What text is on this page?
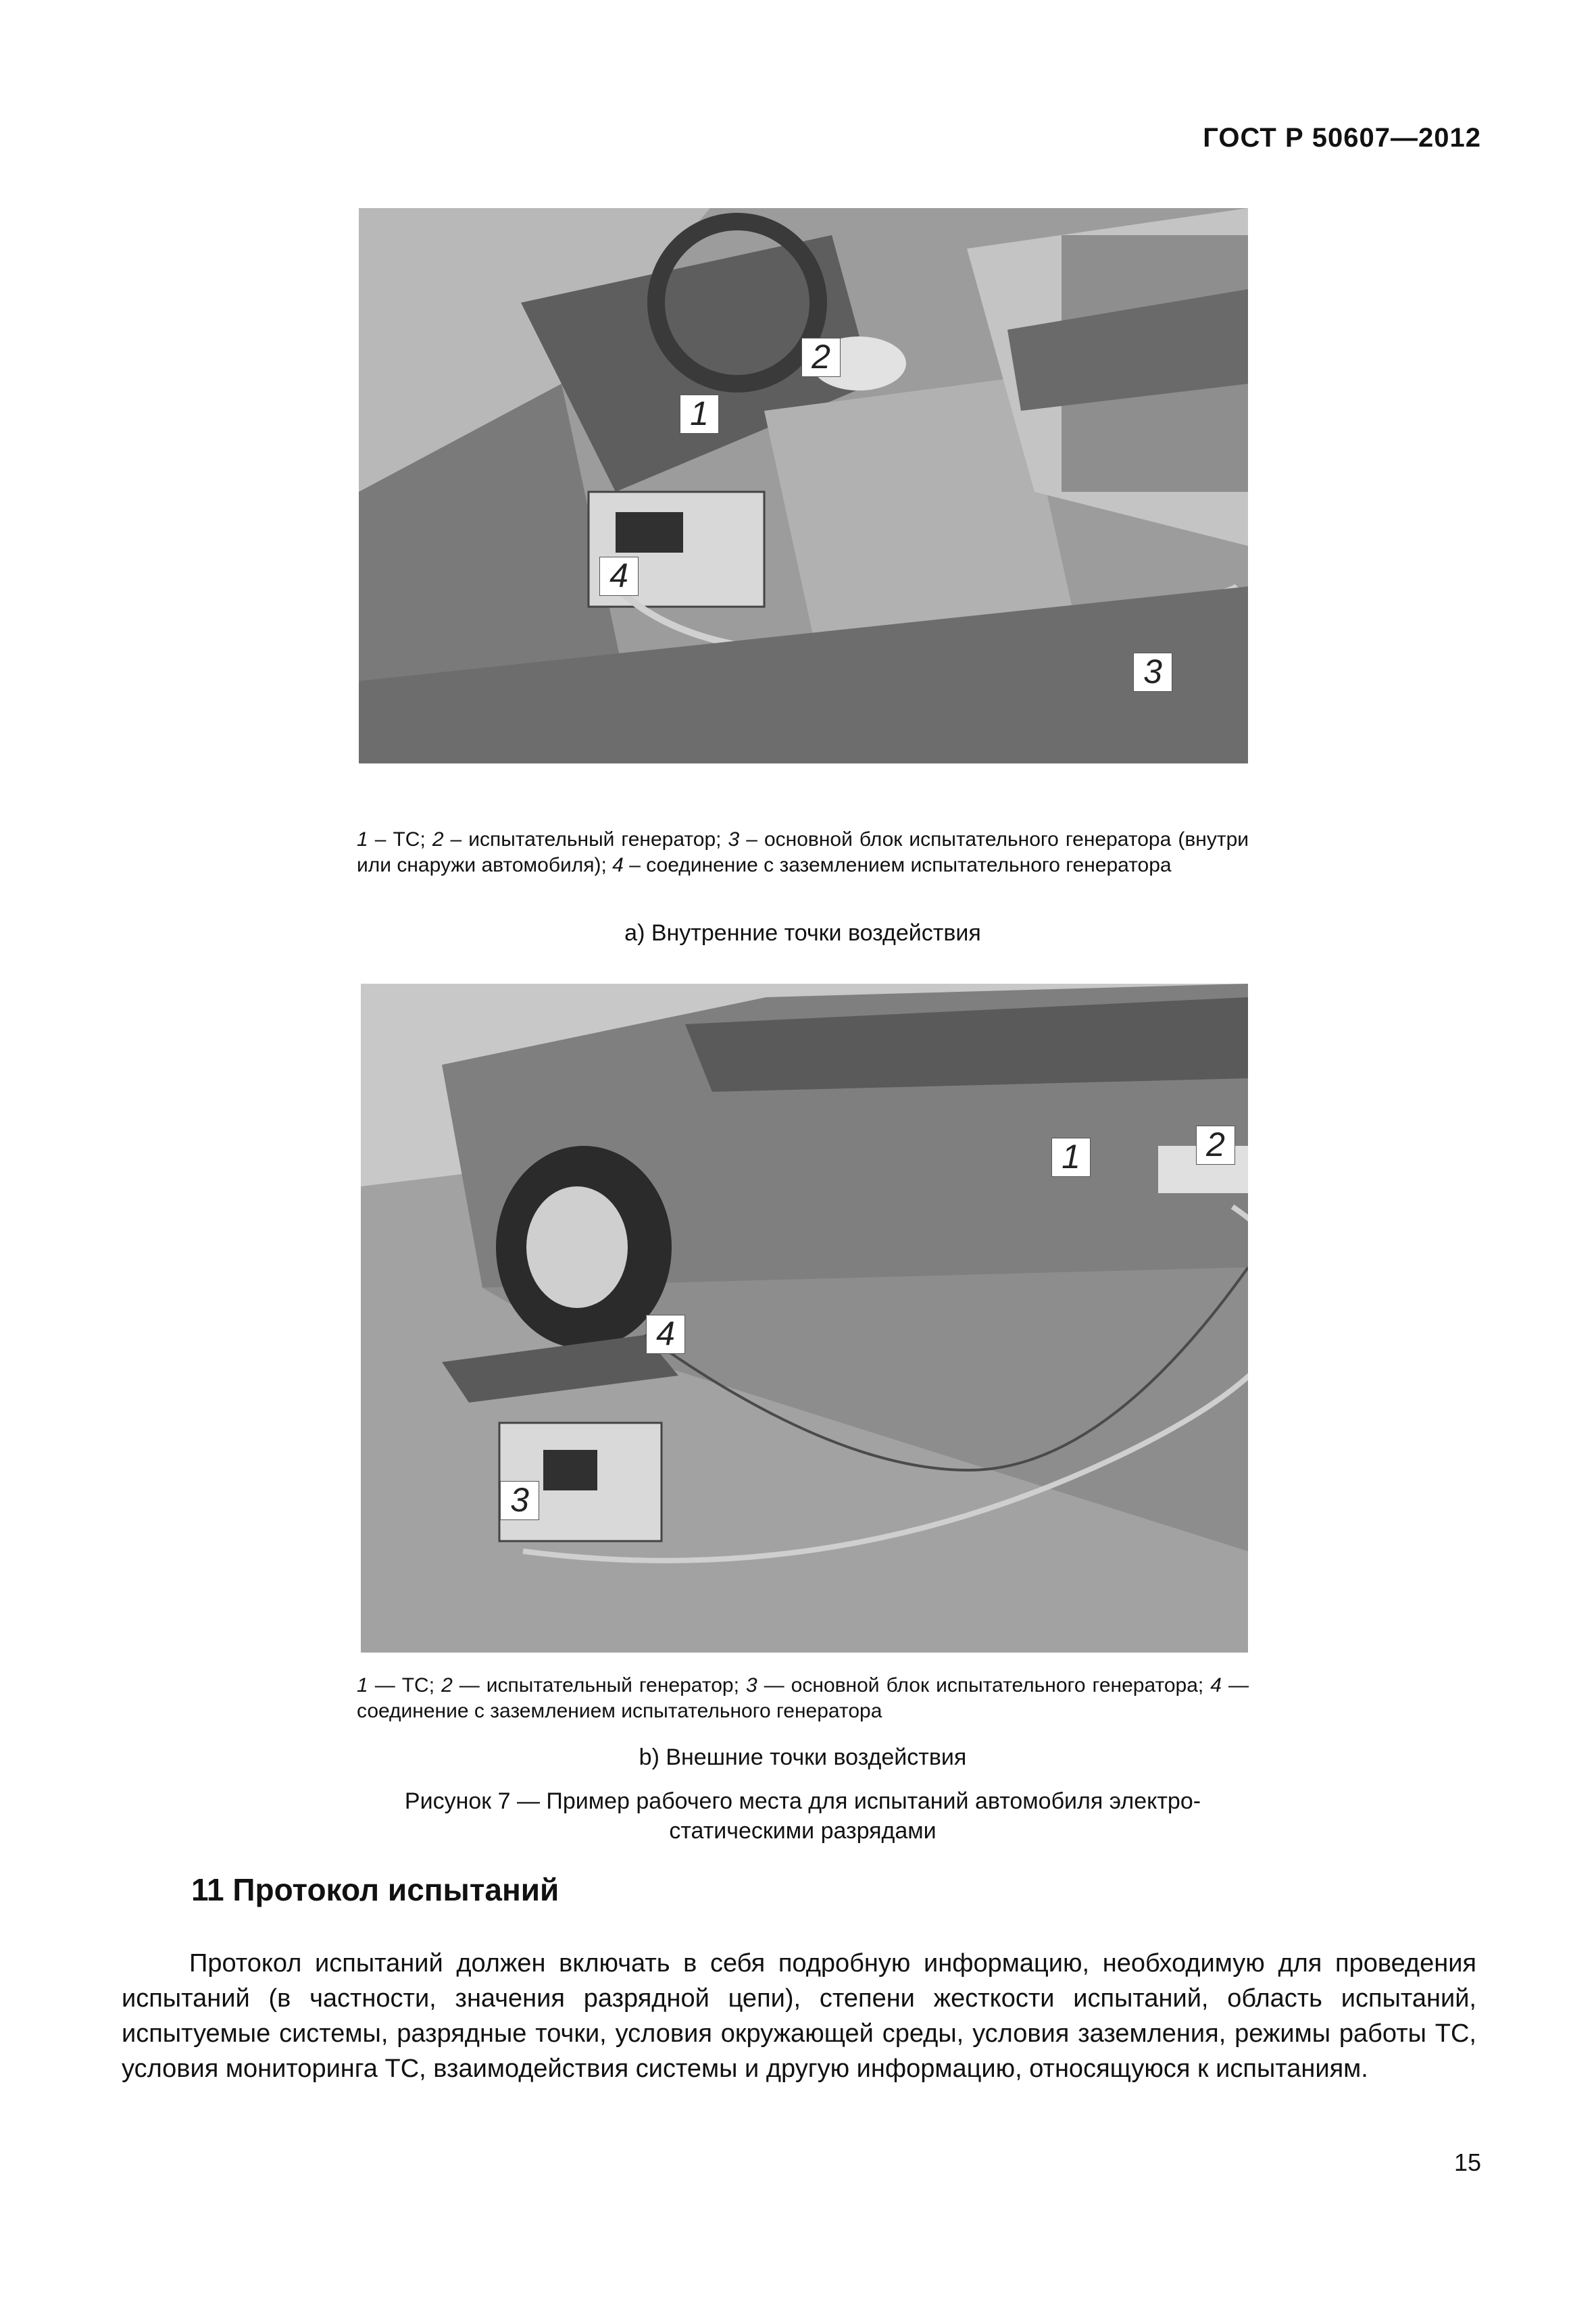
ГОСТ Р 50607—2012
1
2
3
4
1 – ТС; 2 – испытательный генератор; 3 – основной блок испытательного генератора (внутри или снаружи автомобиля); 4 – соединение с заземлением испытательного генератора
а) Внутренние точки воздействия
1	2
3
4
1 — ТС; 2 — испытательный генератор; 3 — основной блок испытательного генератора; 4 — соединение с заземлением испытательного генератора
b) Внешние точки воздействия
Рисунок 7 — Пример рабочего места для испытаний автомобиля электро-
статическими разрядами
11 Протокол испытаний
Протокол испытаний должен включать в себя подробную информацию, необходимую для проведения испытаний (в частности, значения разрядной цепи), степени жесткости испытаний, область испытаний, испытуемые системы, разрядные точки, условия окружающей среды, условия заземления, режимы работы ТС, условия мониторинга ТС, взаимодействия системы и другую информацию, относящуюся к испытаниям.
15
